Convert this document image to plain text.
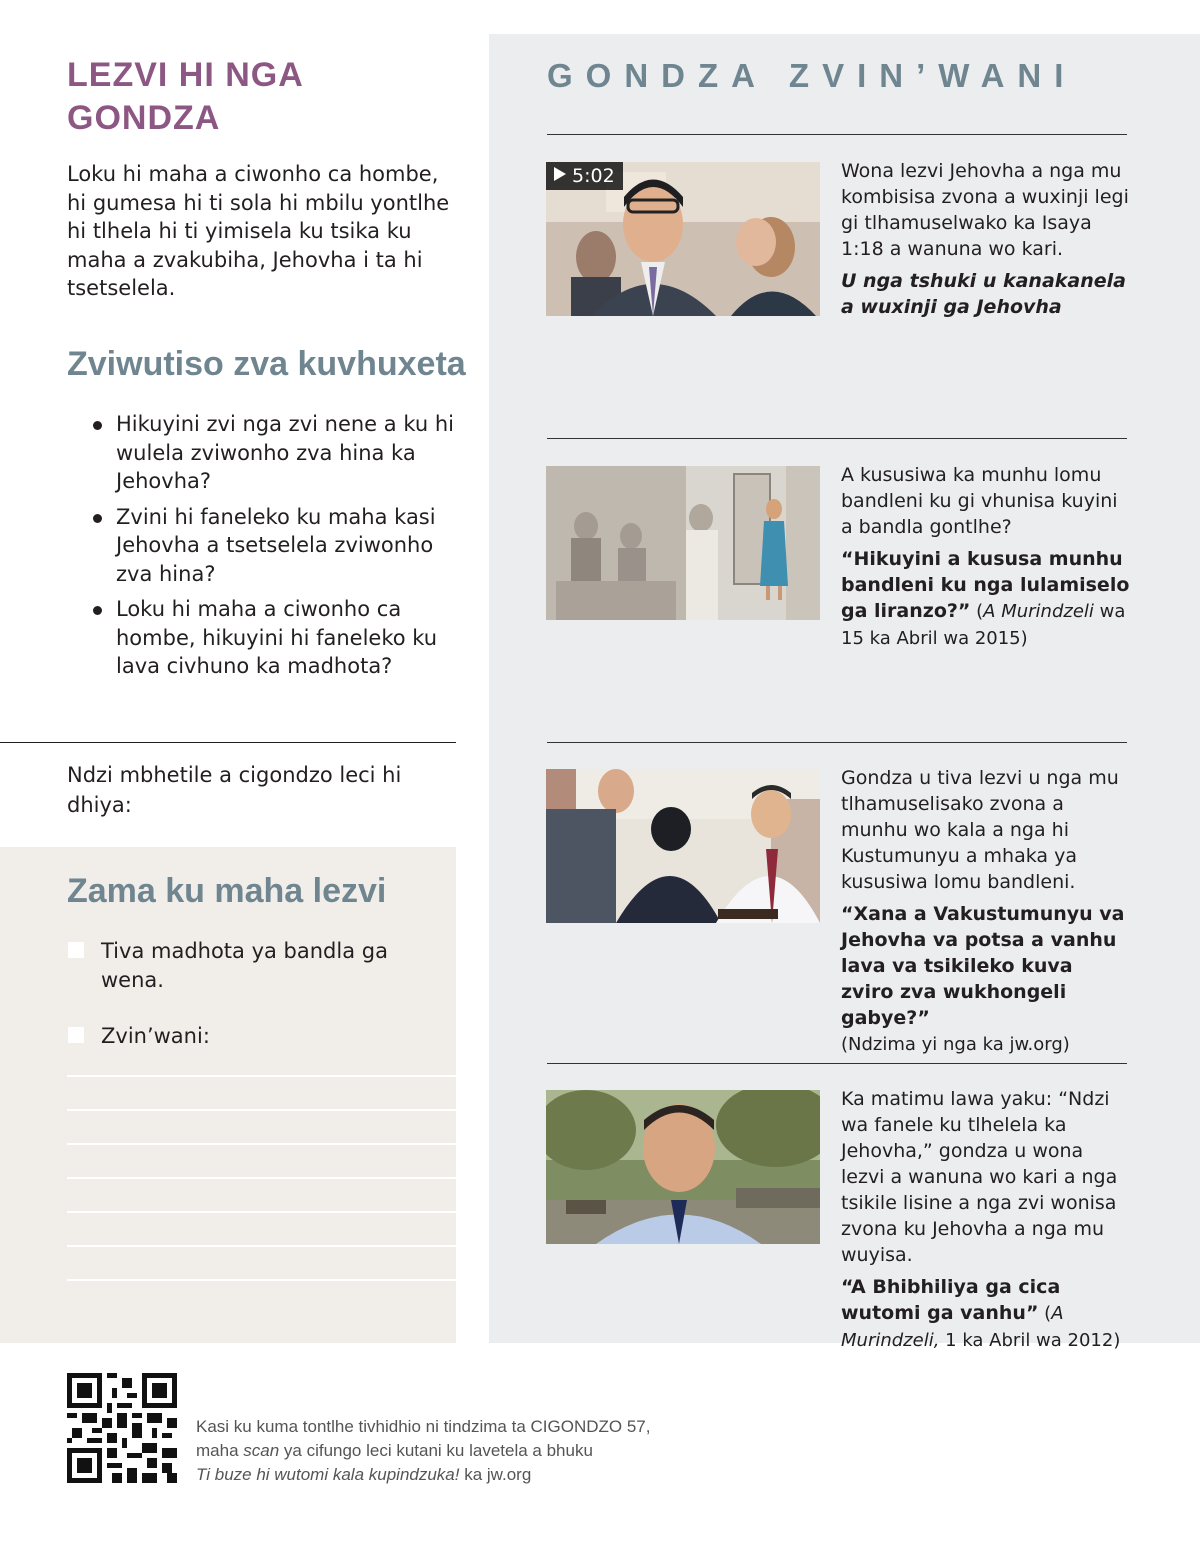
LEZVI HI NGA
GONDZA

Loku hi maha a ciwonho ca hombe, hi gumesa hi ti sola hi mbilu yontlhe hi tlhela hi ti yimisela ku tsika ku maha a zvakubiha, Jehovha i ta hi tsetselela.

Zviwutiso zva kuvhuxeta
Hikuyini zvi nga zvi nene a ku hi wulela zviwonho zva hina ka Jehovha?
Zvini hi faneleko ku maha kasi Jehovha a tsetselela zviwonho zva hina?
Loku hi maha a ciwonho ca hombe, hikuyini hi faneleko ku lava civhuno ka madhota?
Ndzi mbhetile a cigondzo leci hi dhiya:
Zama ku maha lezvi
Tiva madhota ya bandla ga wena.
Zvin’wani:
GONDZA ZVIN’WANI
5:02	Wona lezvi Jehovha a nga mu kombisisa zvona a wuxinji legi gi tlhamuselwako ka Isaya 1:18 a wanuna wo kari.

U nga tshuki u kanakanela a wuxinji ga Jehovha

A kususiwa ka munhu lomu bandleni ku gi vhunisa kuyini a bandla gontlhe?

“Hikuyini a kususa munhu bandleni ku nga lulamiselo ga liranzo?” (A Murindzeli wa 15 ka Abril wa 2015)

Gondza u tiva lezvi u nga mu tlhamuselisako zvona a munhu wo kala a nga hi Kustumunyu a mhaka ya kususiwa lomu bandleni.

“Xana a Vakustumunyu va Jehovha va potsa a vanhu lava va tsikileko kuva zviro zva wukhongeli gabye?”
(Ndzima yi nga ka jw.org)

Ka matimu lawa yaku: “Ndzi wa fanele ku tlhelela ka Jehovha,” gondza u wona lezvi a wanuna wo kari a nga tsikile lisine a nga zvi wonisa zvona ku Jehovha a nga mu wuyisa.

“A Bhibhiliya ga cica wutomi ga vanhu” (A Murindzeli, 1 ka Abril wa 2012)

Kasi ku kuma tontlhe tivhidhio ni tindzima ta CIGONDZO 57,
maha scan ya cifungo leci kutani ku lavetela a bhuku
Ti buze hi wutomi kala kupindzuka! ka jw.org
